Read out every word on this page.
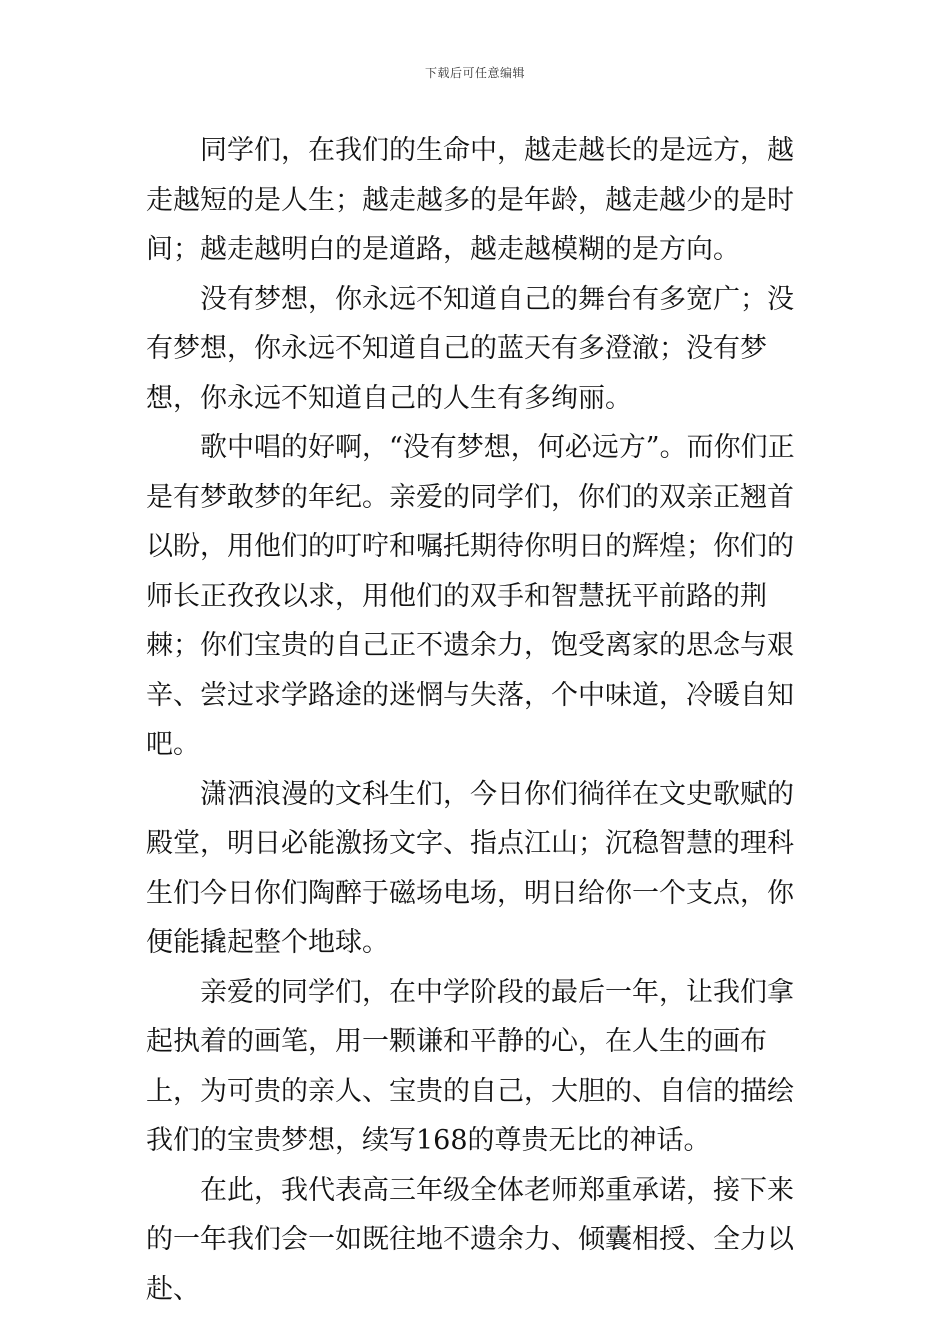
下载后可任意编辑

同学们，在我们的生命中，越走越长的是远方，越走越短的是人生；越走越多的是年龄，越走越少的是时间；越走越明白的是道路，越走越模糊的是方向。

没有梦想，你永远不知道自己的舞台有多宽广；没有梦想，你永远不知道自己的蓝天有多澄澈；没有梦想，你永远不知道自己的人生有多绚丽。

歌中唱的好啊，“没有梦想，何必远方”。而你们正是有梦敢梦的年纪。亲爱的同学们，你们的双亲正翘首以盼，用他们的叮咛和嘱托期待你明日的辉煌；你们的师长正孜孜以求，用他们的双手和智慧抚平前路的荆棘；你们宝贵的自己正不遗余力，饱受离家的思念与艰辛、尝过求学路途的迷惘与失落，个中味道，冷暖自知吧。

潇洒浪漫的文科生们，今日你们徜徉在文史歌赋的殿堂，明日必能激扬文字、指点江山；沉稳智慧的理科生们今日你们陶醉于磁场电场，明日给你一个支点，你便能撬起整个地球。

亲爱的同学们，在中学阶段的最后一年，让我们拿起执着的画笔，用一颗谦和平静的心，在人生的画布上，为可贵的亲人、宝贵的自己，大胆的、自信的描绘我们的宝贵梦想，续写168的尊贵无比的神话。

在此，我代表高三年级全体老师郑重承诺，接下来的一年我们会一如既往地不遗余力、倾囊相授、全力以赴、
